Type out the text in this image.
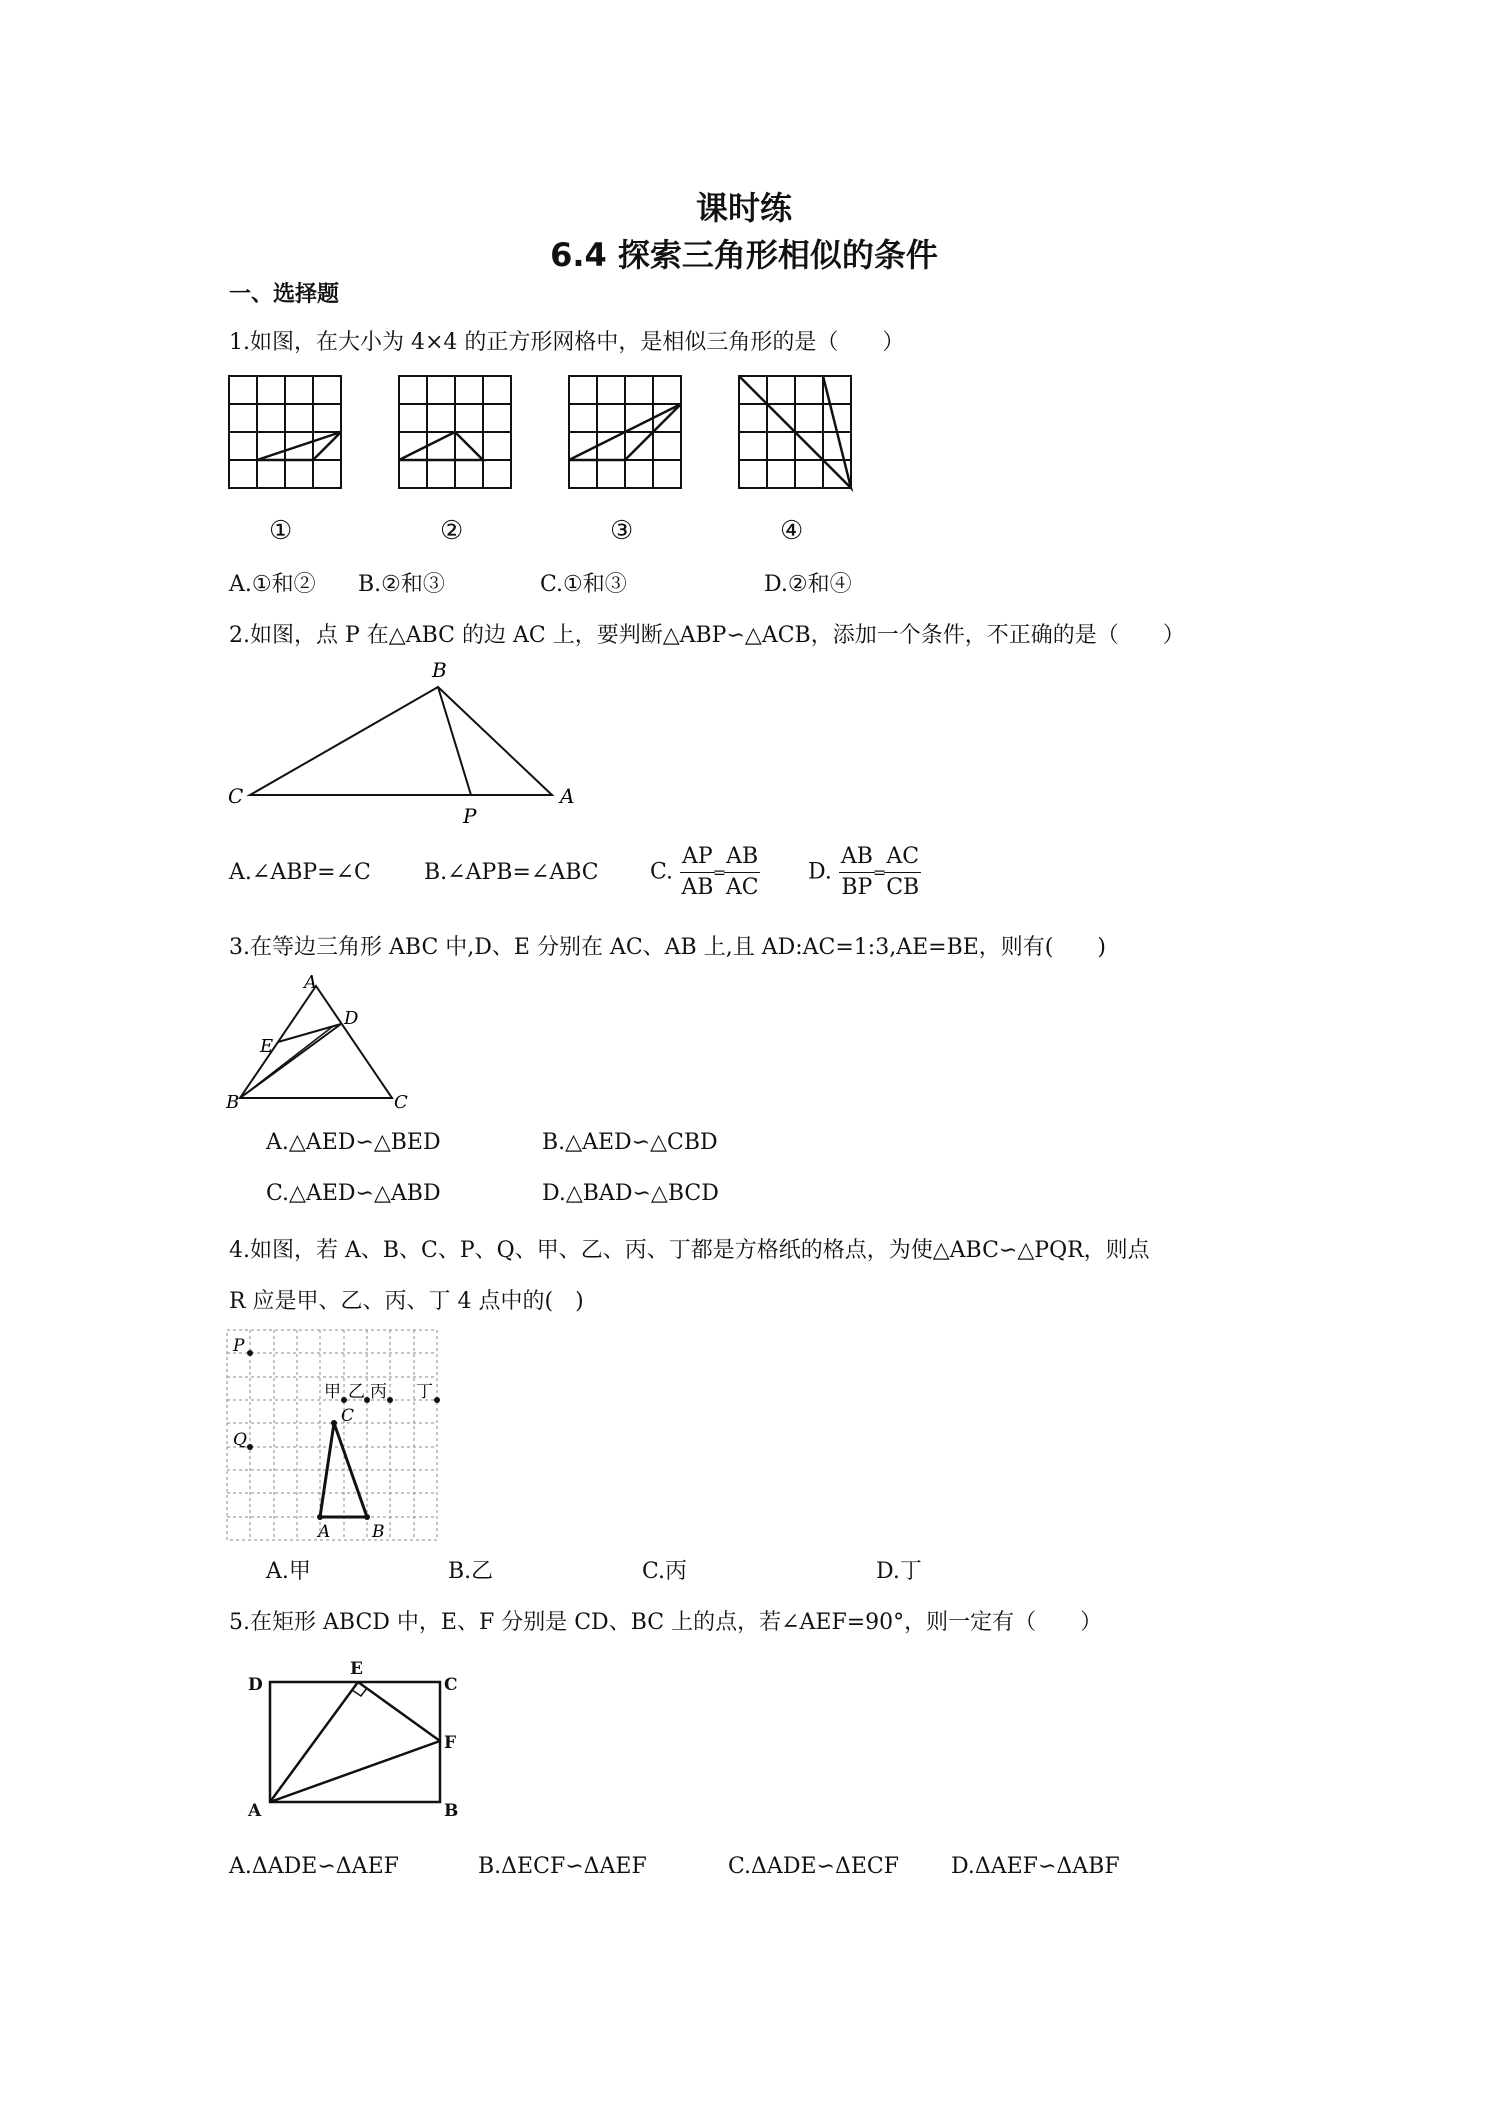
课时练
6.4 探索三角形相似的条件
一、选择题
1.如图，在大小为 4×4 的正方形网格中，是相似三角形的是（　　）
①	②	③	④
A.①和② B.②和③	C.①和③	D.②和④
2.如图，点 P 在△ABC 的边 AC 上，要判断△ABP∽△ACB，添加一个条件，不正确的是（　　）
B
C
P
A
A.∠ABP=∠C B.∠APB=∠ABC C. $\frac{AP}{AB}$
=
$\frac{AB}{AC} D$. $\frac{AB}{BP}$
=
$\frac{AC}{CB}$
3.在等边三角形 ABC 中,D、E 分别在 AC、AB 上,且 AD:AC=1:3,AE=BE，则有(　　)
A
D
E
B	C
A.△AED∽△BED	B.△AED∽△CBD
C.△AED∽△ABD	D.△BAD∽△BCD
4.如图，若 A、B、C、P、Q、甲、乙、丙、丁都是方格纸的格点，为使△ABC∽△PQR，则点
R 应是甲、乙、丙、丁 4 点中的(　)
P
Q
A B
C
甲 乙 丙 丁
A.甲	B.乙	C.丙	D.丁
5.在矩形 ABCD 中，E、F 分别是 CD、BC 上的点，若∠AEF=90°，则一定有（　　）
D
E
C
F
A	B
A.ΔADE∽ΔAEF	B.ΔECF∽ΔAEF	C.ΔADE∽ΔECF D.ΔAEF∽ΔABF
